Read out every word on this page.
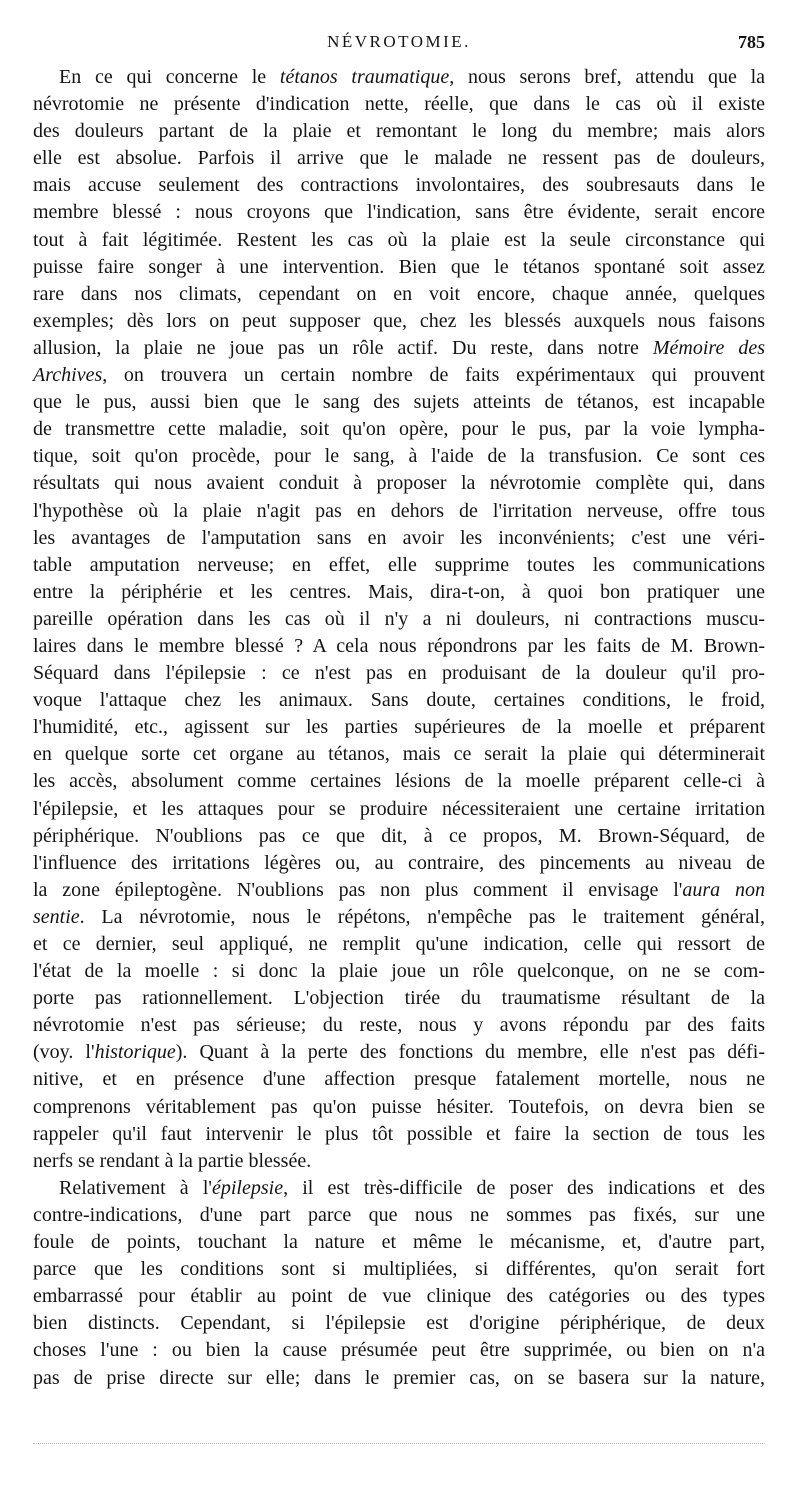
NÉVROTOMIE.	785
En ce qui concerne le tétanos traumatique, nous serons bref, attendu que la
névrotomie ne présente d'indication nette, réelle, que dans le cas où il existe
des douleurs partant de la plaie et remontant le long du membre; mais alors
elle est absolue. Parfois il arrive que le malade ne ressent pas de douleurs,
mais accuse seulement des contractions involontaires, des soubresauts dans le
membre blessé : nous croyons que l'indication, sans être évidente, serait encore
tout à fait légitimée. Restent les cas où la plaie est la seule circonstance qui
puisse faire songer à une intervention. Bien que le tétanos spontané soit assez
rare dans nos climats, cependant on en voit encore, chaque année, quelques
exemples; dès lors on peut supposer que, chez les blessés auxquels nous faisons
allusion, la plaie ne joue pas un rôle actif. Du reste, dans notre Mémoire des
Archives, on trouvera un certain nombre de faits expérimentaux qui prouvent
que le pus, aussi bien que le sang des sujets atteints de tétanos, est incapable
de transmettre cette maladie, soit qu'on opère, pour le pus, par la voie lympha-
tique, soit qu'on procède, pour le sang, à l'aide de la transfusion. Ce sont ces
résultats qui nous avaient conduit à proposer la névrotomie complète qui, dans
l'hypothèse où la plaie n'agit pas en dehors de l'irritation nerveuse, offre tous
les avantages de l'amputation sans en avoir les inconvénients; c'est une véri-
table amputation nerveuse; en effet, elle supprime toutes les communications
entre la périphérie et les centres. Mais, dira-t-on, à quoi bon pratiquer une
pareille opération dans les cas où il n'y a ni douleurs, ni contractions muscu-
laires dans le membre blessé ? A cela nous répondrons par les faits de M. Brown-
Séquard dans l'épilepsie : ce n'est pas en produisant de la douleur qu'il pro-
voque l'attaque chez les animaux. Sans doute, certaines conditions, le froid,
l'humidité, etc., agissent sur les parties supérieures de la moelle et préparent
en quelque sorte cet organe au tétanos, mais ce serait la plaie qui déterminerait
les accès, absolument comme certaines lésions de la moelle préparent celle-ci à
l'épilepsie, et les attaques pour se produire nécessiteraient une certaine irritation
périphérique. N'oublions pas ce que dit, à ce propos, M. Brown-Séquard, de
l'influence des irritations légères ou, au contraire, des pincements au niveau de
la zone épileptogène. N'oublions pas non plus comment il envisage l'aura non
sentie. La névrotomie, nous le répétons, n'empêche pas le traitement général,
et ce dernier, seul appliqué, ne remplit qu'une indication, celle qui ressort de
l'état de la moelle : si donc la plaie joue un rôle quelconque, on ne se com-
porte pas rationnellement. L'objection tirée du traumatisme résultant de la
névrotomie n'est pas sérieuse; du reste, nous y avons répondu par des faits
(voy. l'historique). Quant à la perte des fonctions du membre, elle n'est pas défi-
nitive, et en présence d'une affection presque fatalement mortelle, nous ne
comprenons véritablement pas qu'on puisse hésiter. Toutefois, on devra bien se
rappeler qu'il faut intervenir le plus tôt possible et faire la section de tous les
nerfs se rendant à la partie blessée.
Relativement à l'épilepsie, il est très-difficile de poser des indications et des
contre-indications, d'une part parce que nous ne sommes pas fixés, sur une
foule de points, touchant la nature et même le mécanisme, et, d'autre part,
parce que les conditions sont si multipliées, si différentes, qu'on serait fort
embarrassé pour établir au point de vue clinique des catégories ou des types
bien distincts. Cependant, si l'épilepsie est d'origine périphérique, de deux
choses l'une : ou bien la cause présumée peut être supprimée, ou bien on n'a
pas de prise directe sur elle; dans le premier cas, on se basera sur la nature,
